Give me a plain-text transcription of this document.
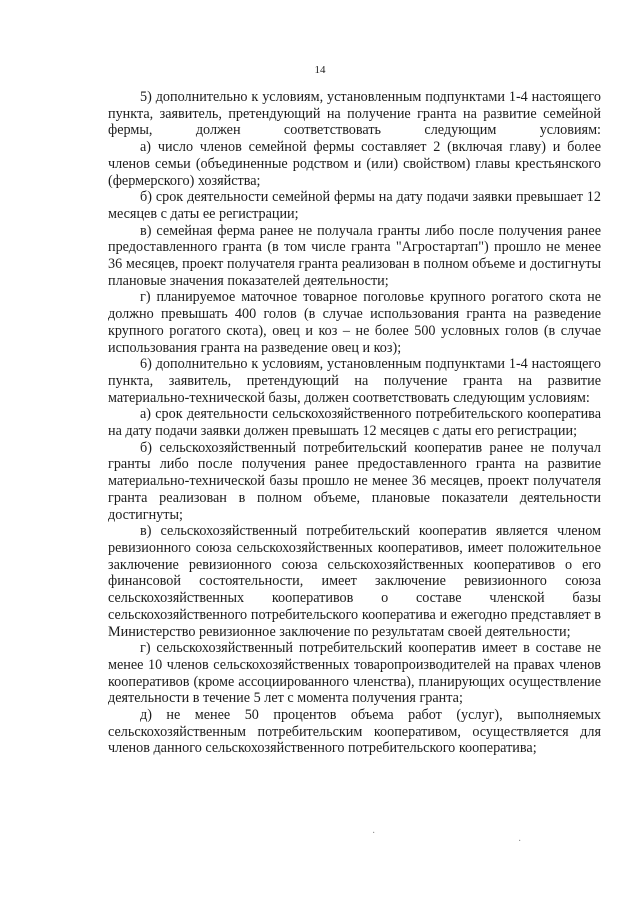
14

5) дополнительно к условиям, установленным подпунктами 1-4 настоящего пункта, заявитель, претендующий на получение гранта на развитие семейной фермы, должен соответствовать следующим условиям:

а) число членов семейной фермы составляет 2 (включая главу) и более членов семьи (объединенные родством и (или) свойством) главы крестьянского (фермерского) хозяйства;

б) срок деятельности семейной фермы на дату подачи заявки превышает 12 месяцев с даты ее регистрации;

в) семейная ферма ранее не получала гранты либо после получения ранее предоставленного гранта (в том числе гранта "Агростартап") прошло не менее 36 месяцев, проект получателя гранта реализован в полном объеме и достигнуты плановые значения показателей деятельности;

г) планируемое маточное товарное поголовье крупного рогатого скота не должно превышать 400 голов (в случае использования гранта на разведение крупного рогатого скота), овец и коз – не более 500 условных голов (в случае использования гранта на разведение овец и коз);

6) дополнительно к условиям, установленным подпунктами 1-4 настоящего пункта, заявитель, претендующий на получение гранта на развитие материально-технической базы, должен соответствовать следующим условиям:

а) срок деятельности сельскохозяйственного потребительского кооператива на дату подачи заявки должен превышать 12 месяцев с даты его регистрации;

б) сельскохозяйственный потребительский кооператив ранее не получал гранты либо после получения ранее предоставленного гранта на развитие материально-технической базы прошло не менее 36 месяцев, проект получателя гранта реализован в полном объеме, плановые показатели деятельности достигнуты;

в) сельскохозяйственный потребительский кооператив является членом ревизионного союза сельскохозяйственных кооперативов, имеет положительное заключение ревизионного союза сельскохозяйственных кооперативов о его финансовой состоятельности, имеет заключение ревизионного союза сельскохозяйственных кооперативов о составе членской базы сельскохозяйственного потребительского кооператива и ежегодно представляет в Министерство ревизионное заключение по результатам своей деятельности;

г) сельскохозяйственный потребительский кооператив имеет в составе не менее 10 членов сельскохозяйственных товаропроизводителей на правах членов кооперативов (кроме ассоциированного членства), планирующих осуществление деятельности в течение 5 лет с момента получения гранта;

д) не менее 50 процентов объема работ (услуг), выполняемых сельскохозяйственным потребительским кооперативом, осуществляется для членов данного сельскохозяйственного потребительского кооператива;

·
·
